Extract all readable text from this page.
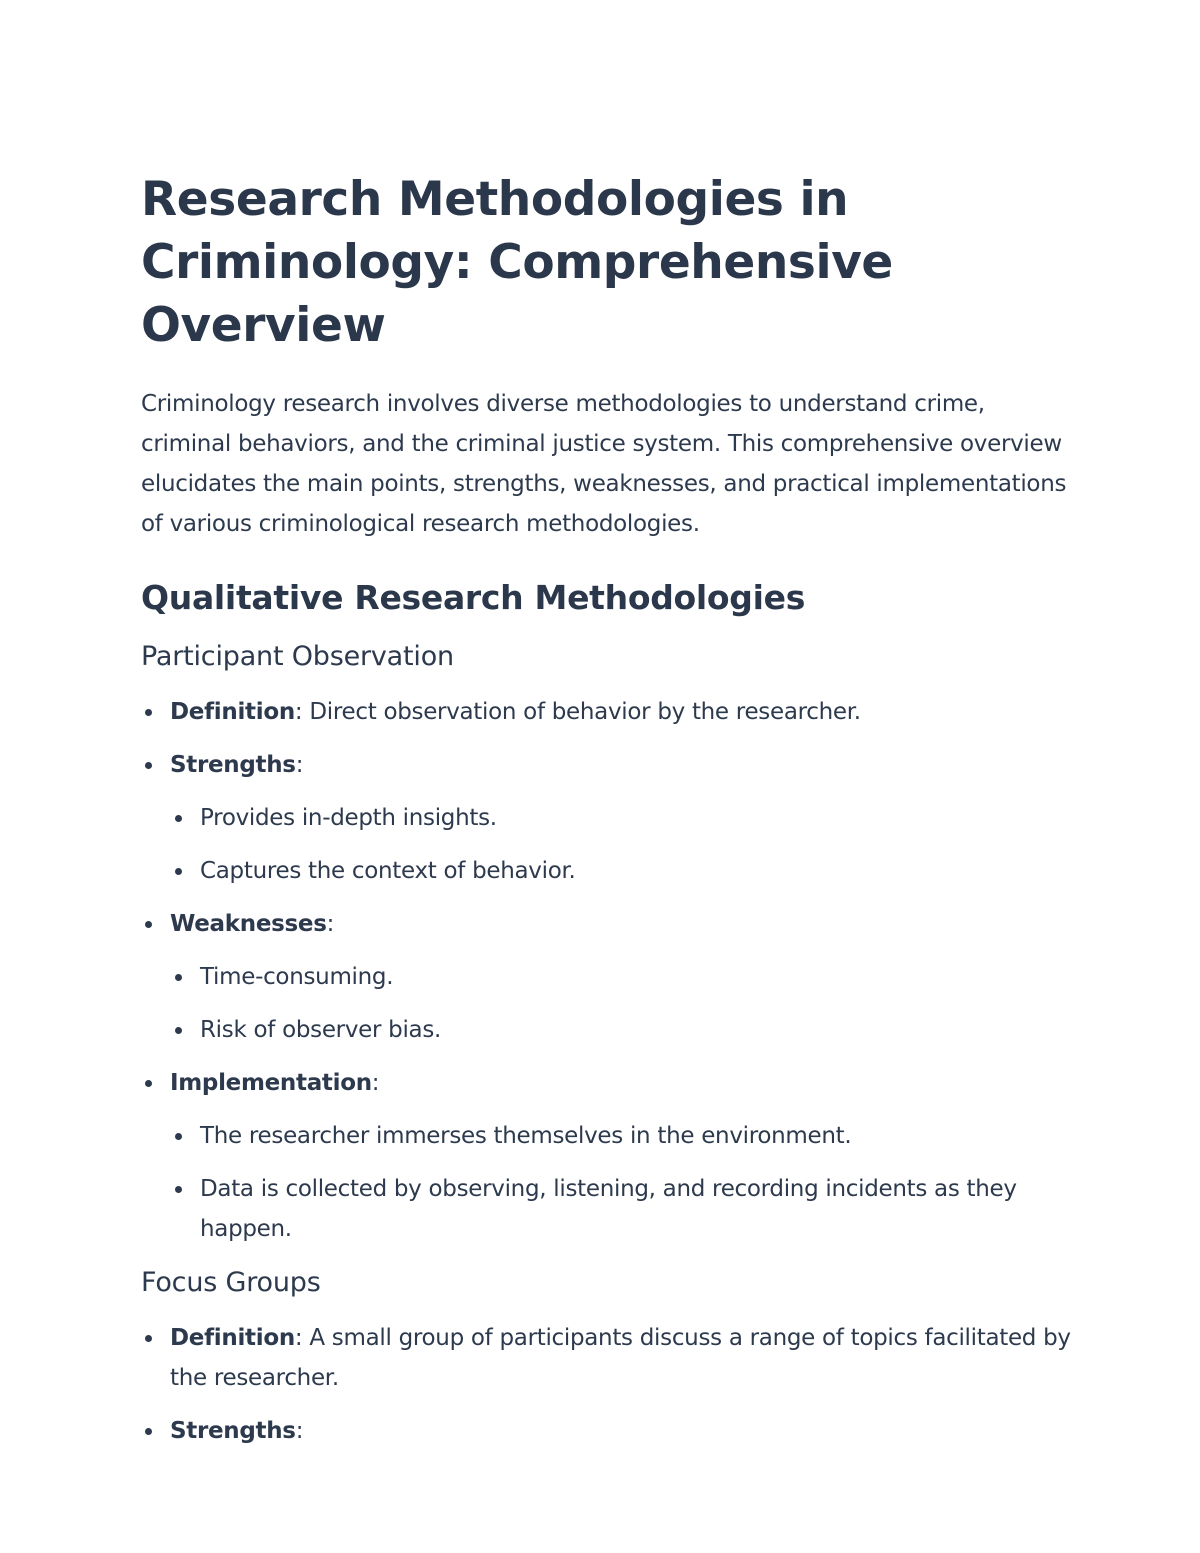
Research Methodologies in Criminology: Comprehensive Overview

Criminology research involves diverse methodologies to understand crime, criminal behaviors, and the criminal justice system. This comprehensive overview elucidates the main points, strengths, weaknesses, and practical implementations of various criminological research methodologies.

Qualitative Research Methodologies
Participant Observation
Definition: Direct observation of behavior by the researcher.
Strengths:
Provides in-depth insights.
Captures the context of behavior.
Weaknesses:
Time-consuming.
Risk of observer bias.
Implementation:
The researcher immerses themselves in the environment.
Data is collected by observing, listening, and recording incidents as they happen.
Focus Groups
Definition: A small group of participants discuss a range of topics facilitated by the researcher.
Strengths:
